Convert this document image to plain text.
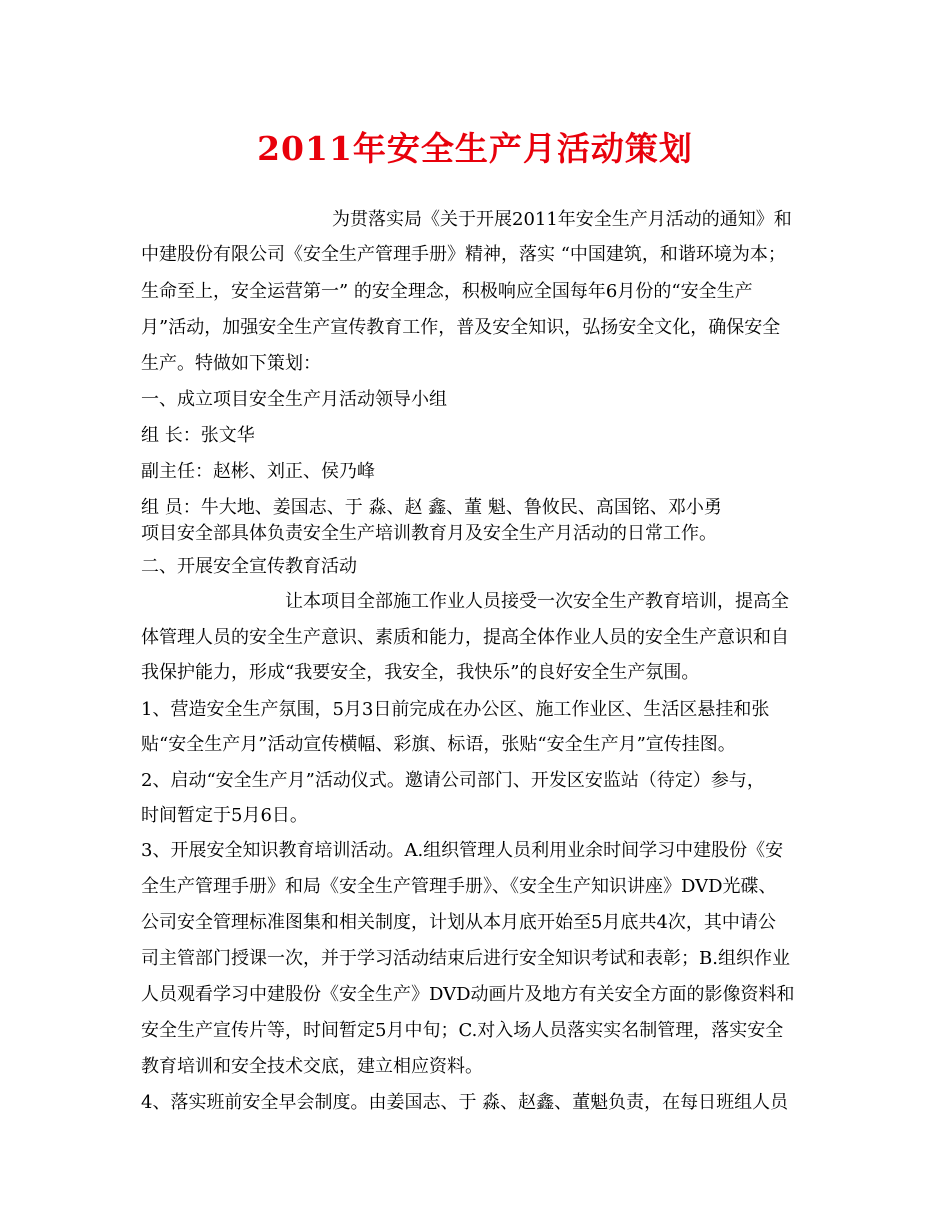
2011年安全生产月活动策划
为贯落实局《关于开展2011年安全生产月活动的通知》和
中建股份有限公司《安全生产管理手册》精神，落实 “中国建筑，和谐环境为本；
生命至上，安全运营第一” 的安全理念，积极响应全国每年6月份的“安全生产
月”活动，加强安全生产宣传教育工作，普及安全知识，弘扬安全文化，确保安全
生产。特做如下策划：
一、成立项目安全生产月活动领导小组
组 长：张文华
副主任：赵彬、刘正、侯乃峰
组 员：牛大地、姜国志、于 淼、赵 鑫、董 魁、鲁攸民、高国铭、邓小勇
项目安全部具体负责安全生产培训教育月及安全生产月活动的日常工作。
二、开展安全宣传教育活动
让本项目全部施工作业人员接受一次安全生产教育培训，提高全
体管理人员的安全生产意识、素质和能力，提高全体作业人员的安全生产意识和自
我保护能力，形成“我要安全，我安全，我快乐”的良好安全生产氛围。
1、营造安全生产氛围，5月3日前完成在办公区、施工作业区、生活区悬挂和张
贴“安全生产月”活动宣传横幅、彩旗、标语，张贴“安全生产月”宣传挂图。
2、启动“安全生产月”活动仪式。邀请公司部门、开发区安监站（待定）参与，
时间暂定于5月6日。
3、开展安全知识教育培训活动。A.组织管理人员利用业余时间学习中建股份《安
全生产管理手册》和局《安全生产管理手册》、《安全生产知识讲座》DVD光碟、
公司安全管理标准图集和相关制度，计划从本月底开始至5月底共4次，其中请公
司主管部门授课一次，并于学习活动结束后进行安全知识考试和表彰；B.组织作业
人员观看学习中建股份《安全生产》DVD动画片及地方有关安全方面的影像资料和
安全生产宣传片等，时间暂定5月中旬；C.对入场人员落实实名制管理，落实安全
教育培训和安全技术交底，建立相应资料。
4、落实班前安全早会制度。由姜国志、于 淼、赵鑫、董魁负责，在每日班组人员
